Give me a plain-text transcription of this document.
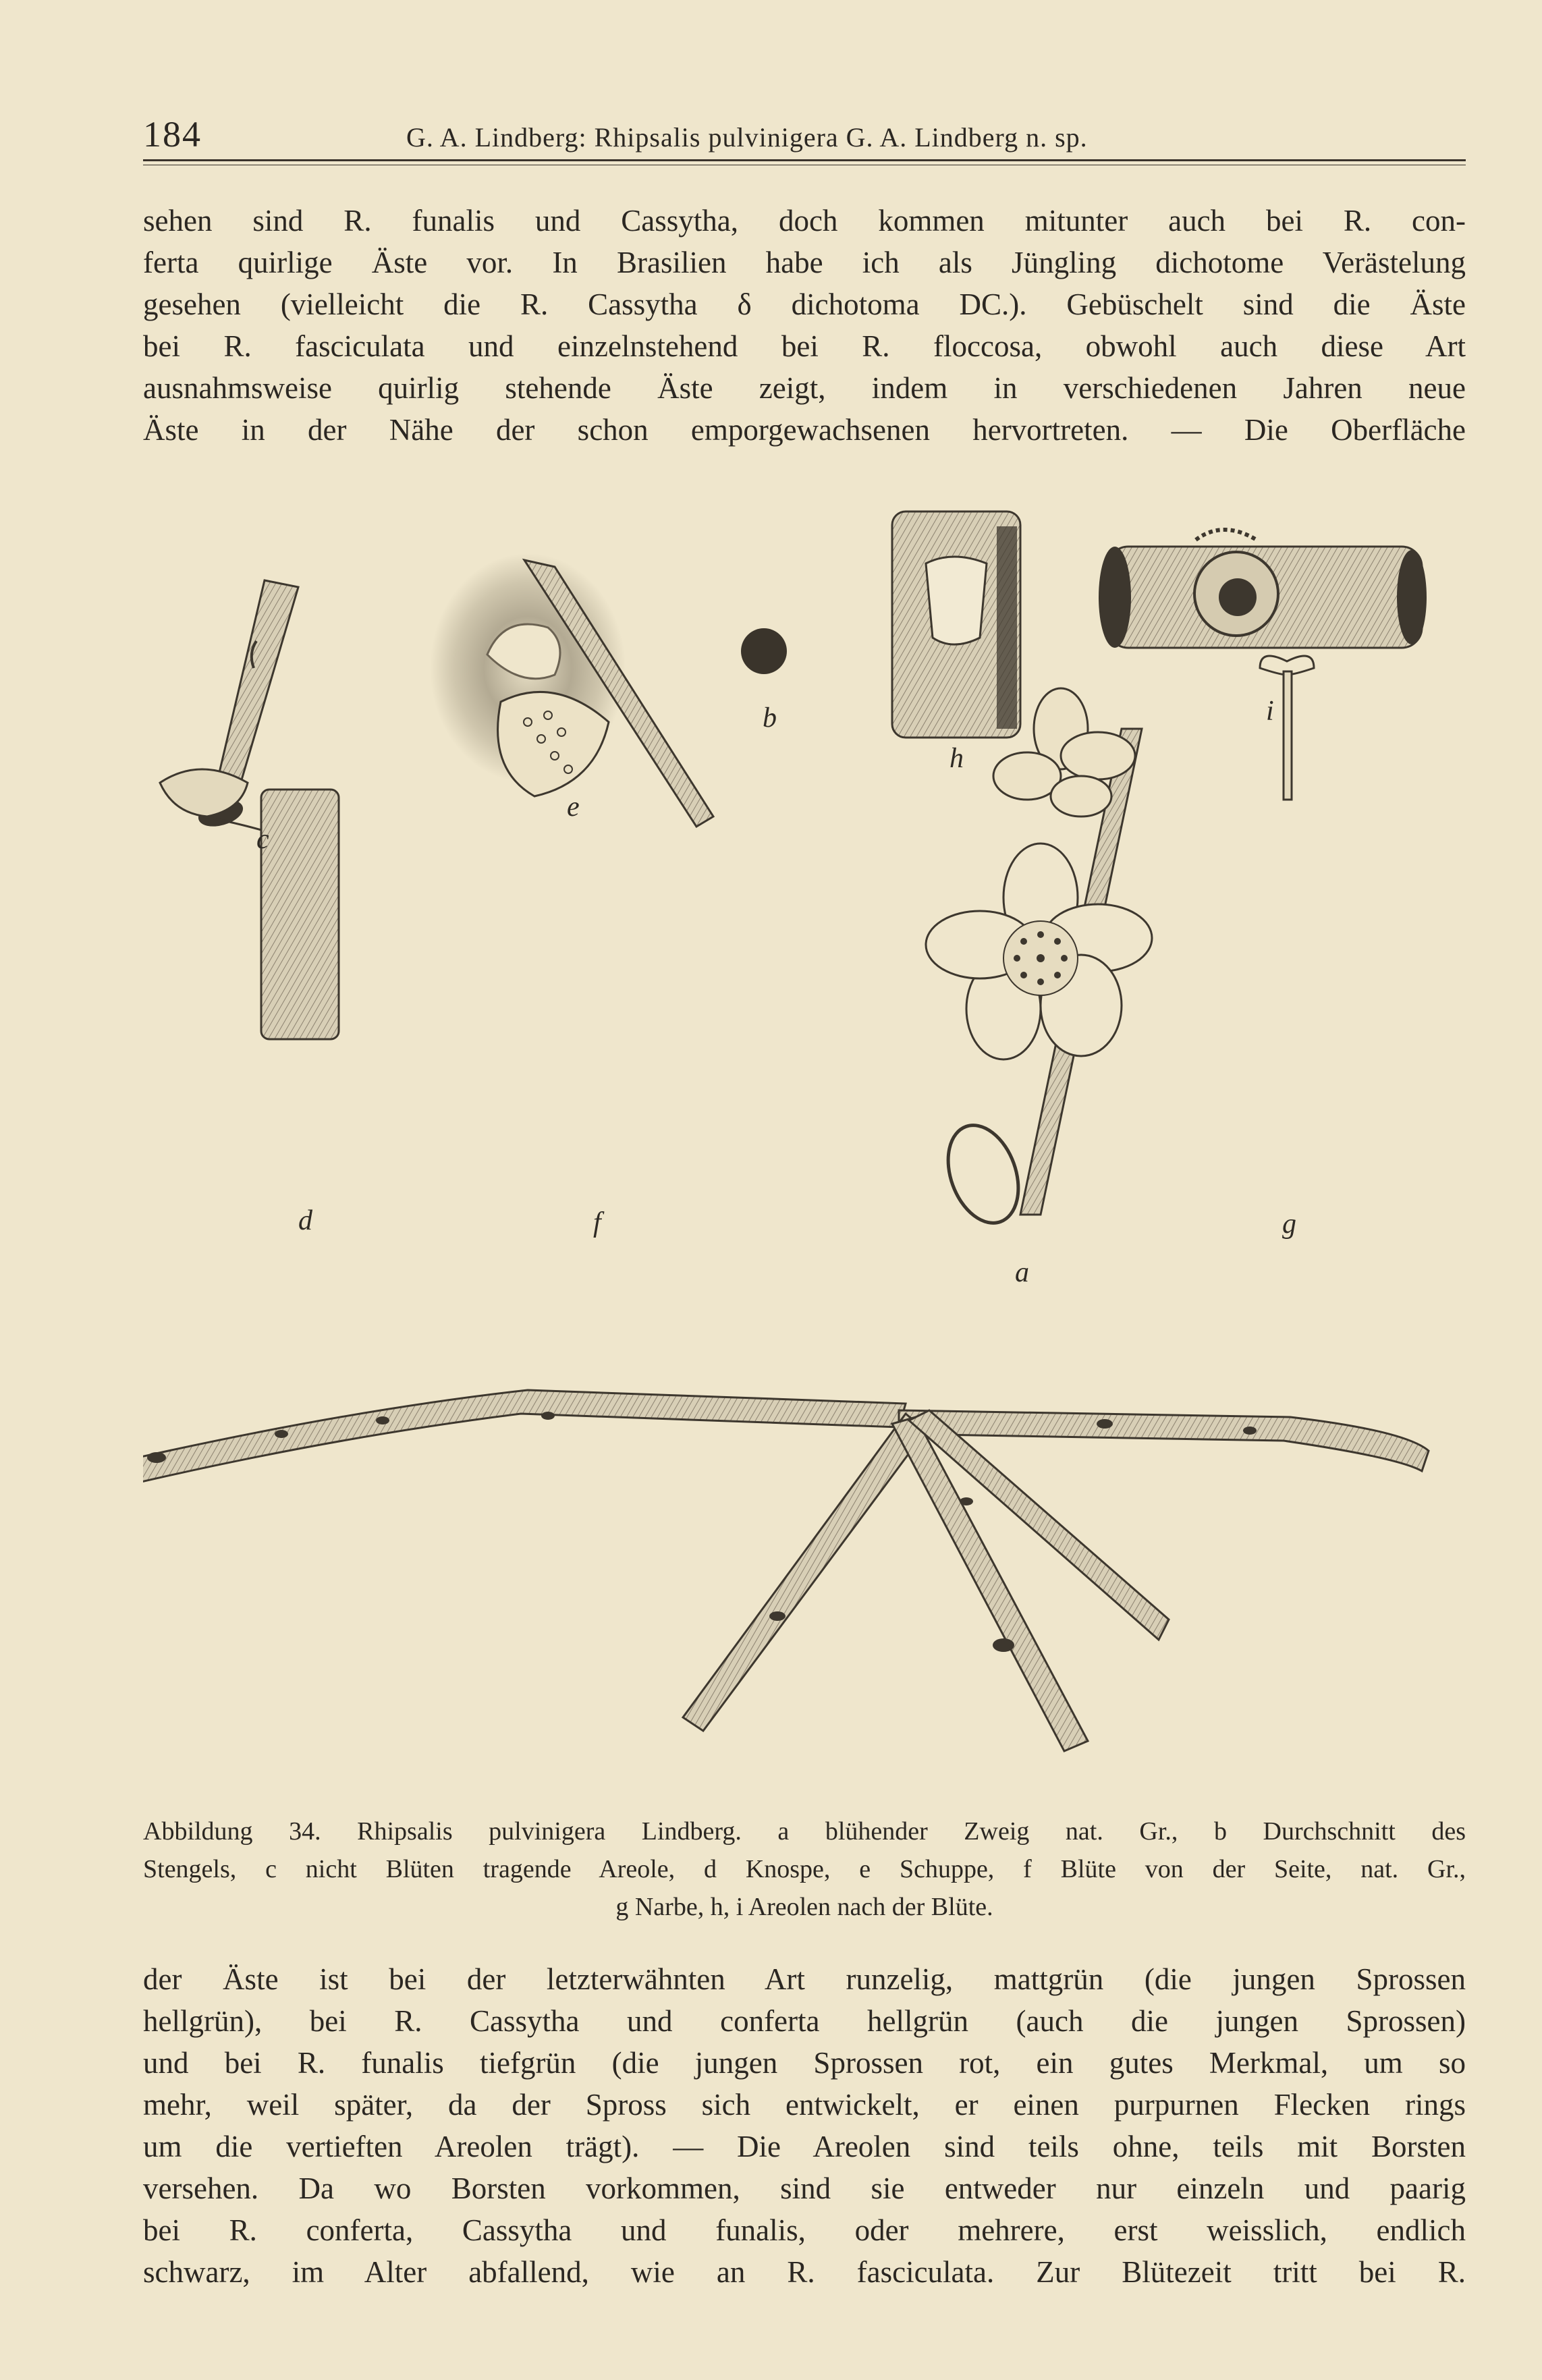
184	G. A. Lindberg: Rhipsalis pulvinigera G. A. Lindberg n. sp.
sehen sind R. funalis und Cassytha, doch kommen mitunter auch bei R. con-
ferta quirlige Äste vor. In Brasilien habe ich als Jüngling dichotome Verästelung
gesehen (vielleicht die R. Cassytha δ dichotoma DC.). Gebüschelt sind die Äste
bei R. fasciculata und einzelnstehend bei R. floccosa, obwohl auch diese Art
ausnahmsweise quirlig stehende Äste zeigt, indem in verschiedenen Jahren neue
Äste in der Nähe der schon emporgewachsenen hervortreten. — Die Oberfläche
a
b
c
d
e
f	g
h
i
Abbildung 34. Rhipsalis pulvinigera Lindberg. a blühender Zweig nat. Gr., b Durchschnitt des
Stengels, c nicht Blüten tragende Areole, d Knospe, e Schuppe, f Blüte von der Seite, nat. Gr.,
g Narbe, h, i Areolen nach der Blüte.
der Äste ist bei der letzterwähnten Art runzelig, mattgrün (die jungen Sprossen
hellgrün), bei R. Cassytha und conferta hellgrün (auch die jungen Sprossen)
und bei R. funalis tiefgrün (die jungen Sprossen rot, ein gutes Merkmal, um so
mehr, weil später, da der Spross sich entwickelt, er einen purpurnen Flecken rings
um die vertieften Areolen trägt). — Die Areolen sind teils ohne, teils mit Borsten
versehen. Da wo Borsten vorkommen, sind sie entweder nur einzeln und paarig
bei R. conferta, Cassytha und funalis, oder mehrere, erst weisslich, endlich
schwarz, im Alter abfallend, wie an R. fasciculata. Zur Blütezeit tritt bei R.
